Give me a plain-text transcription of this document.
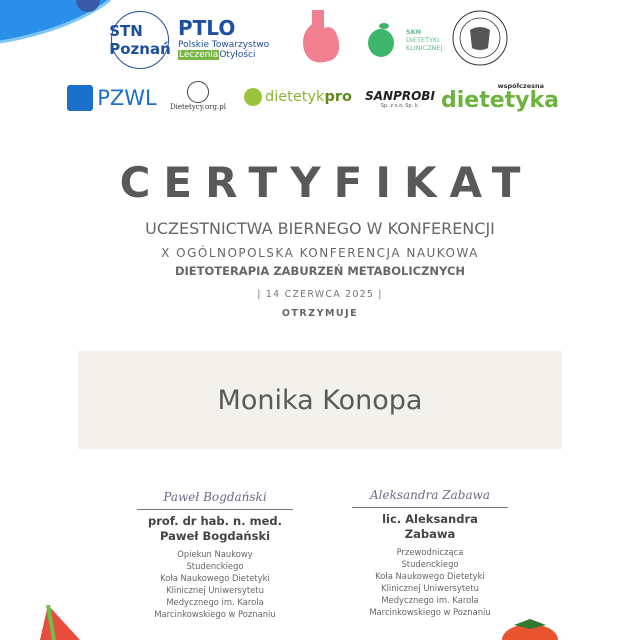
STN Poznań
PTLO
Polskie Towarzystwo
LeczeniaOtyłości
SKN
DIETETYKI
KLINICZNEJ
PZWL Dietetycy.org.pl
dietetyk pro SANPROBI
Sp. z o.o. Sp. k.
współczesna
dietetyka
CERTYFIKAT
UCZESTNICTWA BIERNEGO W KONFERENCJI
X OGÓLNOPOLSKA KONFERENCJA NAUKOWA
DIETOTERAPIA ZABURZEŃ METABOLICZNYCH
| 14 CZERWCA 2025 |
OTRZYMUJE
Monika Konopa
Paweł Bogdański
prof. dr hab. n. med.
Paweł Bogdański
Opiekun Naukowy
Studenckiego
Koła Naukowego Dietetyki
Klinicznej Uniwersytetu
Medycznego im. Karola
Marcinkowskiego w Poznaniu
Aleksandra Zabawa
lic. Aleksandra
Zabawa
Przewodnicząca
Studenckiego
Koła Naukowego Dietetyki
Klinicznej Uniwersytetu
Medycznego im. Karola
Marcinkowskiego w Poznaniu
